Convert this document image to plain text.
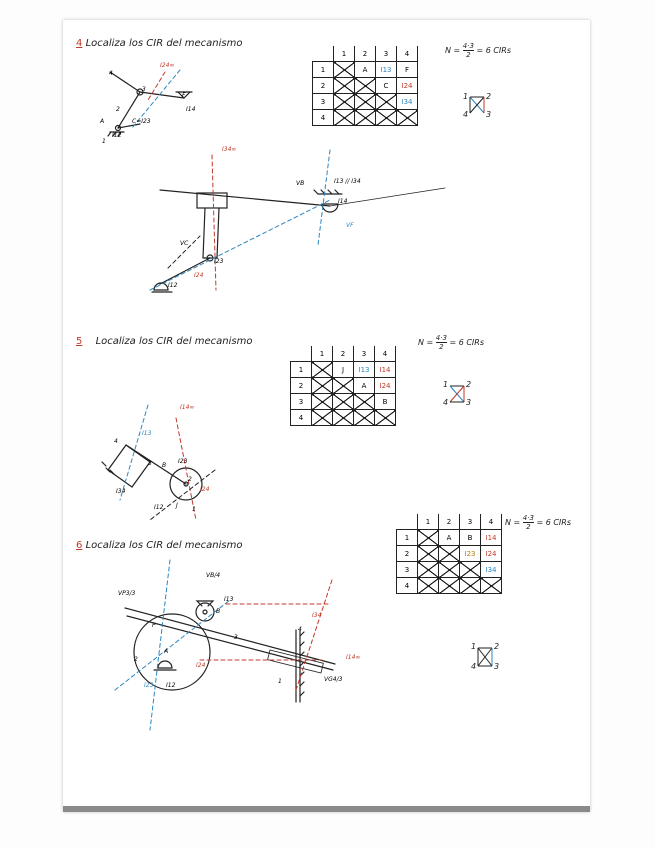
4 Localiza los CIR del mecanismo
$N = \frac{4\cdot 3}{2} = 6$ CIRs
5 Localiza los CIR del mecanismo	$N = \frac{4\cdot 3}{2} = 6$ CIRs
6 Localiza los CIR del mecanismo
$N = \frac{4\cdot 3}{2} = 6$ CIRs
	1	2	3	4
1		A	I13	F
2			C	I24
3				I34
4				
	1	2	3	4
1		J	I13	I14
2			A	I24
3				B
4				
	1	2	3	4
1		A	B	I14
2			I23	I24
3				I34
4				
1 2
3
4
1 2
3
4
1 2
3
4
I24∞
I14
F
A	C=I23
I12
4
3
2
1
I34∞
I13 // I34
I14
VF
VB
VC
I24
I23
I12
I14∞
I13
I23
I34
I12
I24
J
B
4
3
2
1
VP3/3
VB/4
I13
B
I34
I24
A
P
I23 I12
I14∞
VG4/3
4
3
2
1
